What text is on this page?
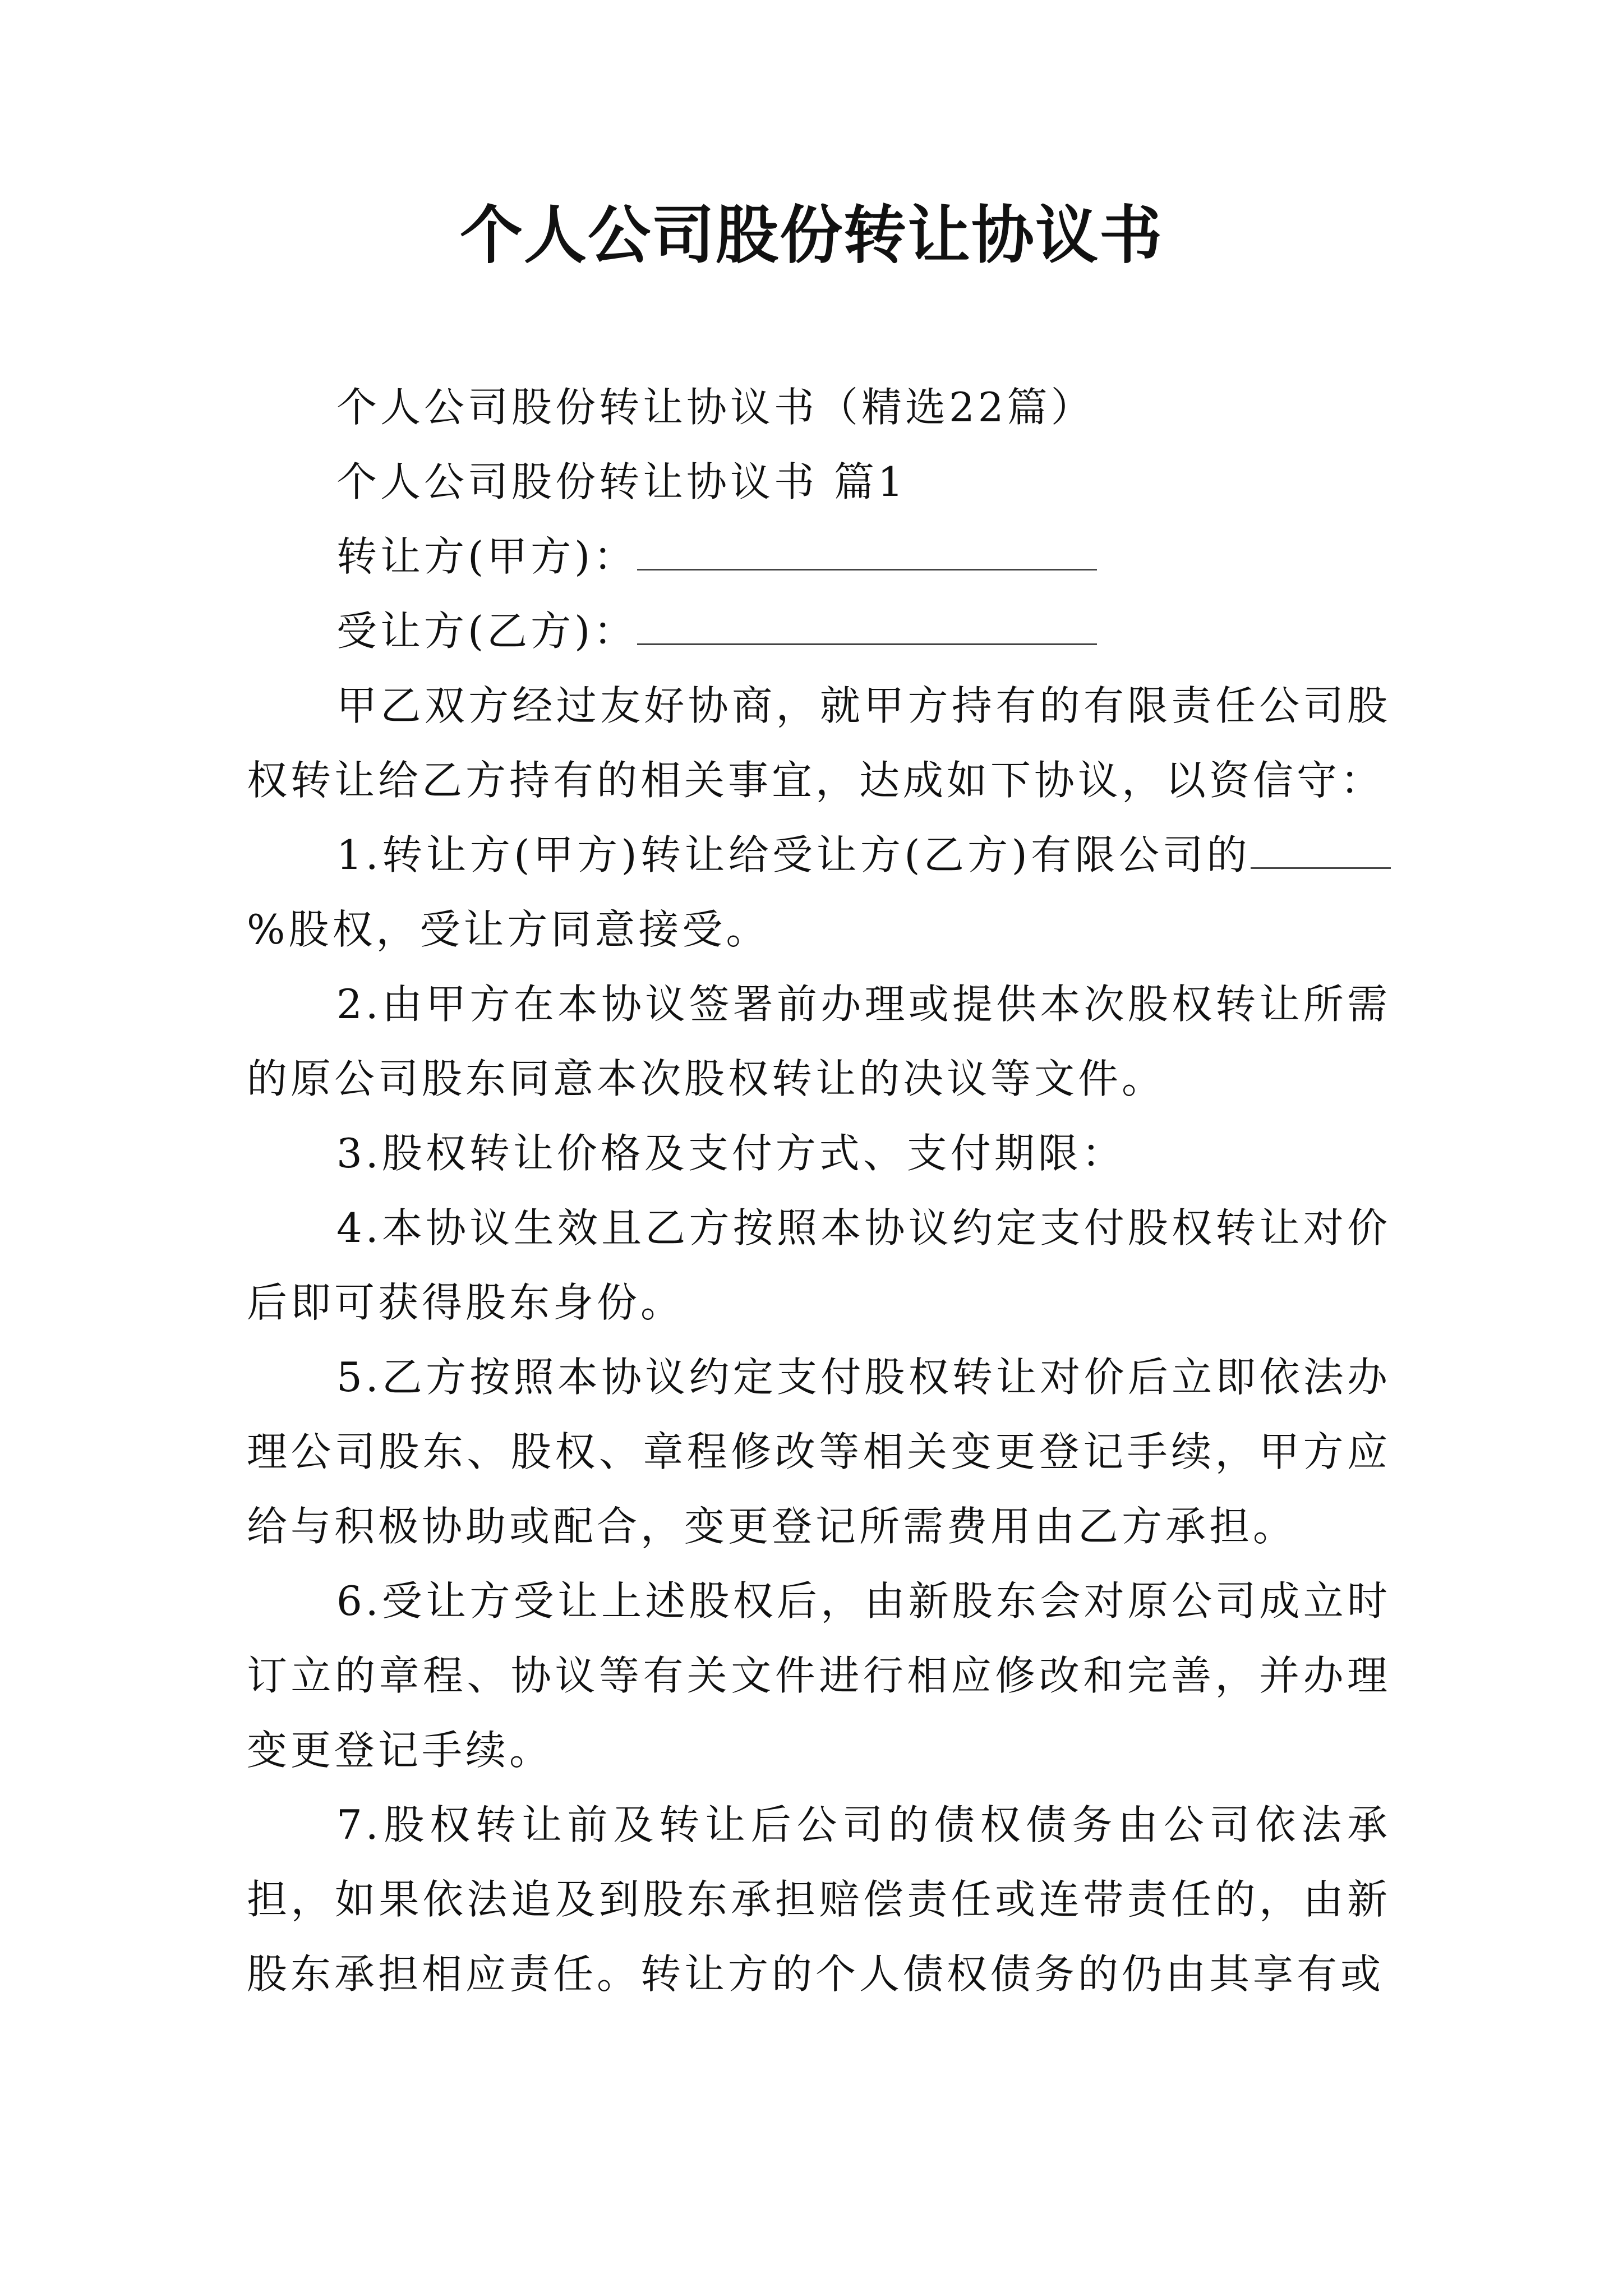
个人公司股份转让协议书
个人公司股份转让协议书（精选22篇）
个人公司股份转让协议书 篇1
转让方(甲方)：
受让方(乙方)：
甲乙双方经过友好协商，就甲方持有的有限责任公司股权转让给乙方持有的相关事宜，达成如下协议，以资信守：
1.转让方(甲方)转让给受让方(乙方)有限公司的%股权，受让方同意接受。
2.由甲方在本协议签署前办理或提供本次股权转让所需的原公司股东同意本次股权转让的决议等文件。
3.股权转让价格及支付方式、支付期限：
4.本协议生效且乙方按照本协议约定支付股权转让对价后即可获得股东身份。
5.乙方按照本协议约定支付股权转让对价后立即依法办理公司股东、股权、章程修改等相关变更登记手续，甲方应给与积极协助或配合，变更登记所需费用由乙方承担。
6.受让方受让上述股权后，由新股东会对原公司成立时订立的章程、协议等有关文件进行相应修改和完善，并办理变更登记手续。
7.股权转让前及转让后公司的债权债务由公司依法承担，如果依法追及到股东承担赔偿责任或连带责任的，由新股东承担相应责任。转让方的个人债权债务的仍由其享有或
